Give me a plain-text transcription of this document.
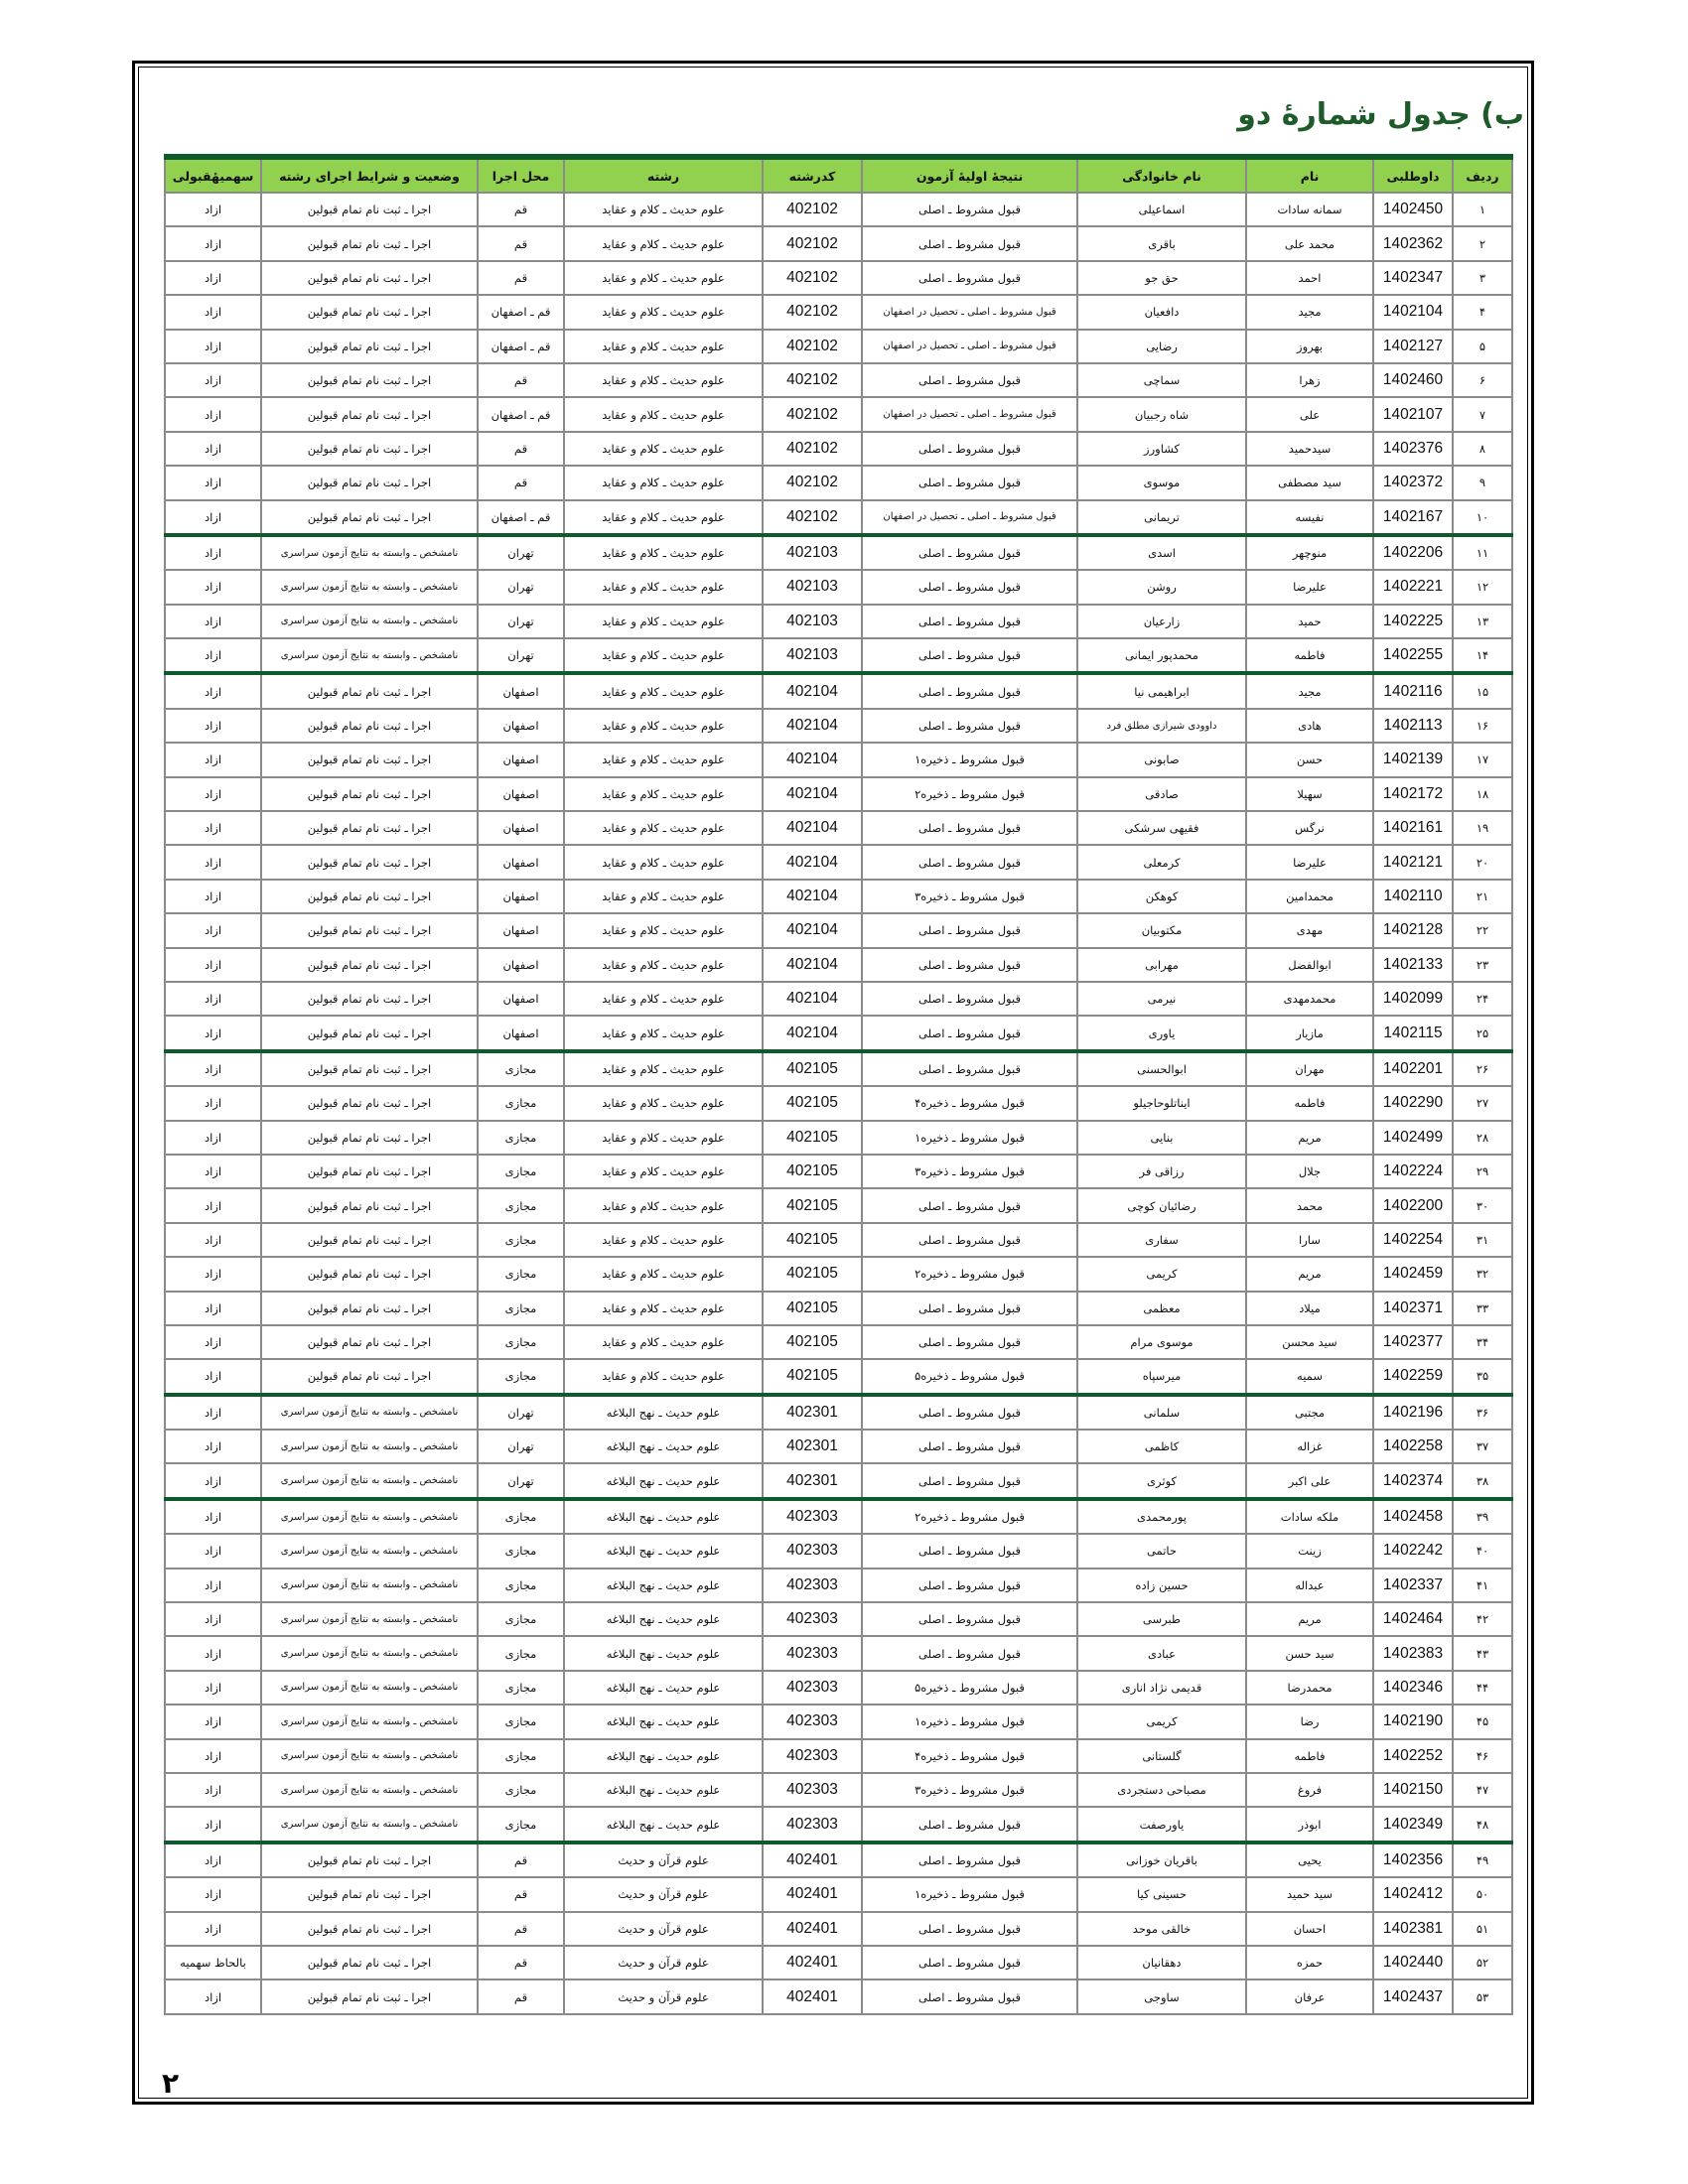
ب) جدول شمارهٔ دو
ردیف	داوطلبی	نام	نام خانوادگی	نتیجهٔ اولیهٔ آزمون	کدرشته	رشته	محل اجرا	وضعیت و شرایط اجرای رشته	سهمیهٔقبولی
۱	1402450	سمانه سادات	اسماعیلی	قبول مشروط ـ اصلی	402102	علوم حدیث ـ کلام و عقاید	قم	اجرا ـ ثبت نام تمام قبولین	ازاد
۲	1402362	محمد علی	باقری	قبول مشروط ـ اصلی	402102	علوم حدیث ـ کلام و عقاید	قم	اجرا ـ ثبت نام تمام قبولین	ازاد
۳	1402347	احمد	حق جو	قبول مشروط ـ اصلی	402102	علوم حدیث ـ کلام و عقاید	قم	اجرا ـ ثبت نام تمام قبولین	ازاد
۴	1402104	مجید	دافعیان	قبول مشروط ـ اصلی ـ تحصیل در اصفهان	402102	علوم حدیث ـ کلام و عقاید	قم ـ اصفهان	اجرا ـ ثبت نام تمام قبولین	ازاد
۵	1402127	بهروز	رضایی	قبول مشروط ـ اصلی ـ تحصیل در اصفهان	402102	علوم حدیث ـ کلام و عقاید	قم ـ اصفهان	اجرا ـ ثبت نام تمام قبولین	ازاد
۶	1402460	زهرا	سماچی	قبول مشروط ـ اصلی	402102	علوم حدیث ـ کلام و عقاید	قم	اجرا ـ ثبت نام تمام قبولین	ازاد
۷	1402107	علی	شاه رجبیان	قبول مشروط ـ اصلی ـ تحصیل در اصفهان	402102	علوم حدیث ـ کلام و عقاید	قم ـ اصفهان	اجرا ـ ثبت نام تمام قبولین	ازاد
۸	1402376	سیدحمید	کشاورز	قبول مشروط ـ اصلی	402102	علوم حدیث ـ کلام و عقاید	قم	اجرا ـ ثبت نام تمام قبولین	ازاد
۹	1402372	سید مصطفی	موسوی	قبول مشروط ـ اصلی	402102	علوم حدیث ـ کلام و عقاید	قم	اجرا ـ ثبت نام تمام قبولین	ازاد
۱۰	1402167	نفیسه	تریمانی	قبول مشروط ـ اصلی ـ تحصیل در اصفهان	402102	علوم حدیث ـ کلام و عقاید	قم ـ اصفهان	اجرا ـ ثبت نام تمام قبولین	ازاد
۱۱	1402206	منوچهر	اسدی	قبول مشروط ـ اصلی	402103	علوم حدیث ـ کلام و عقاید	تهران	نامشخص ـ وابسته به نتایج آزمون سراسری	ازاد
۱۲	1402221	علیرضا	روشن	قبول مشروط ـ اصلی	402103	علوم حدیث ـ کلام و عقاید	تهران	نامشخص ـ وابسته به نتایج آزمون سراسری	ازاد
۱۳	1402225	حمید	زارعیان	قبول مشروط ـ اصلی	402103	علوم حدیث ـ کلام و عقاید	تهران	نامشخص ـ وابسته به نتایج آزمون سراسری	ازاد
۱۴	1402255	فاطمه	محمدپور ایمانی	قبول مشروط ـ اصلی	402103	علوم حدیث ـ کلام و عقاید	تهران	نامشخص ـ وابسته به نتایج آزمون سراسری	ازاد
۱۵	1402116	مجید	ابراهیمی نیا	قبول مشروط ـ اصلی	402104	علوم حدیث ـ کلام و عقاید	اصفهان	اجرا ـ ثبت نام تمام قبولین	ازاد
۱۶	1402113	هادی	داوودی شیرازی مطلق فرد	قبول مشروط ـ اصلی	402104	علوم حدیث ـ کلام و عقاید	اصفهان	اجرا ـ ثبت نام تمام قبولین	ازاد
۱۷	1402139	حسن	صابونی	قبول مشروط ـ ذخیره۱	402104	علوم حدیث ـ کلام و عقاید	اصفهان	اجرا ـ ثبت نام تمام قبولین	ازاد
۱۸	1402172	سهیلا	صادقی	قبول مشروط ـ ذخیره۲	402104	علوم حدیث ـ کلام و عقاید	اصفهان	اجرا ـ ثبت نام تمام قبولین	ازاد
۱۹	1402161	نرگس	فقیهی سرشکی	قبول مشروط ـ اصلی	402104	علوم حدیث ـ کلام و عقاید	اصفهان	اجرا ـ ثبت نام تمام قبولین	ازاد
۲۰	1402121	علیرضا	کرمعلی	قبول مشروط ـ اصلی	402104	علوم حدیث ـ کلام و عقاید	اصفهان	اجرا ـ ثبت نام تمام قبولین	ازاد
۲۱	1402110	محمدامین	کوهکن	قبول مشروط ـ ذخیره۳	402104	علوم حدیث ـ کلام و عقاید	اصفهان	اجرا ـ ثبت نام تمام قبولین	ازاد
۲۲	1402128	مهدی	مکتوبیان	قبول مشروط ـ اصلی	402104	علوم حدیث ـ کلام و عقاید	اصفهان	اجرا ـ ثبت نام تمام قبولین	ازاد
۲۳	1402133	ابوالفضل	مهرابی	قبول مشروط ـ اصلی	402104	علوم حدیث ـ کلام و عقاید	اصفهان	اجرا ـ ثبت نام تمام قبولین	ازاد
۲۴	1402099	محمدمهدی	نیرمی	قبول مشروط ـ اصلی	402104	علوم حدیث ـ کلام و عقاید	اصفهان	اجرا ـ ثبت نام تمام قبولین	ازاد
۲۵	1402115	مازیار	یاوری	قبول مشروط ـ اصلی	402104	علوم حدیث ـ کلام و عقاید	اصفهان	اجرا ـ ثبت نام تمام قبولین	ازاد
۲۶	1402201	مهران	ابوالحسنی	قبول مشروط ـ اصلی	402105	علوم حدیث ـ کلام و عقاید	مجازی	اجرا ـ ثبت نام تمام قبولین	ازاد
۲۷	1402290	فاطمه	ایناتلوحاجیلو	قبول مشروط ـ ذخیره۴	402105	علوم حدیث ـ کلام و عقاید	مجازی	اجرا ـ ثبت نام تمام قبولین	ازاد
۲۸	1402499	مریم	بنایی	قبول مشروط ـ ذخیره۱	402105	علوم حدیث ـ کلام و عقاید	مجازی	اجرا ـ ثبت نام تمام قبولین	ازاد
۲۹	1402224	جلال	رزاقی فر	قبول مشروط ـ ذخیره۳	402105	علوم حدیث ـ کلام و عقاید	مجازی	اجرا ـ ثبت نام تمام قبولین	ازاد
۳۰	1402200	محمد	رضائیان کوچی	قبول مشروط ـ اصلی	402105	علوم حدیث ـ کلام و عقاید	مجازی	اجرا ـ ثبت نام تمام قبولین	ازاد
۳۱	1402254	سارا	سفاری	قبول مشروط ـ اصلی	402105	علوم حدیث ـ کلام و عقاید	مجازی	اجرا ـ ثبت نام تمام قبولین	ازاد
۳۲	1402459	مریم	کریمی	قبول مشروط ـ ذخیره۲	402105	علوم حدیث ـ کلام و عقاید	مجازی	اجرا ـ ثبت نام تمام قبولین	ازاد
۳۳	1402371	میلاد	معظمی	قبول مشروط ـ اصلی	402105	علوم حدیث ـ کلام و عقاید	مجازی	اجرا ـ ثبت نام تمام قبولین	ازاد
۳۴	1402377	سید محسن	موسوی مرام	قبول مشروط ـ اصلی	402105	علوم حدیث ـ کلام و عقاید	مجازی	اجرا ـ ثبت نام تمام قبولین	ازاد
۳۵	1402259	سمیه	میرسپاه	قبول مشروط ـ ذخیره۵	402105	علوم حدیث ـ کلام و عقاید	مجازی	اجرا ـ ثبت نام تمام قبولین	ازاد
۳۶	1402196	مجتبی	سلمانی	قبول مشروط ـ اصلی	402301	علوم حدیث ـ نهج البلاغه	تهران	نامشخص ـ وابسته به نتایج آزمون سراسری	ازاد
۳۷	1402258	غزاله	کاظمی	قبول مشروط ـ اصلی	402301	علوم حدیث ـ نهج البلاغه	تهران	نامشخص ـ وابسته به نتایج آزمون سراسری	ازاد
۳۸	1402374	علی اکبر	کوثری	قبول مشروط ـ اصلی	402301	علوم حدیث ـ نهج البلاغه	تهران	نامشخص ـ وابسته به نتایج آزمون سراسری	ازاد
۳۹	1402458	ملکه سادات	پورمحمدی	قبول مشروط ـ ذخیره۲	402303	علوم حدیث ـ نهج البلاغه	مجازی	نامشخص ـ وابسته به نتایج آزمون سراسری	ازاد
۴۰	1402242	زینت	حاتمی	قبول مشروط ـ اصلی	402303	علوم حدیث ـ نهج البلاغه	مجازی	نامشخص ـ وابسته به نتایج آزمون سراسری	ازاد
۴۱	1402337	عبداله	حسین زاده	قبول مشروط ـ اصلی	402303	علوم حدیث ـ نهج البلاغه	مجازی	نامشخص ـ وابسته به نتایج آزمون سراسری	ازاد
۴۲	1402464	مریم	طبرسی	قبول مشروط ـ اصلی	402303	علوم حدیث ـ نهج البلاغه	مجازی	نامشخص ـ وابسته به نتایج آزمون سراسری	ازاد
۴۳	1402383	سید حسن	عبادی	قبول مشروط ـ اصلی	402303	علوم حدیث ـ نهج البلاغه	مجازی	نامشخص ـ وابسته به نتایج آزمون سراسری	ازاد
۴۴	1402346	محمدرضا	قدیمی نژاد اناری	قبول مشروط ـ ذخیره۵	402303	علوم حدیث ـ نهج البلاغه	مجازی	نامشخص ـ وابسته به نتایج آزمون سراسری	ازاد
۴۵	1402190	رضا	کریمی	قبول مشروط ـ ذخیره۱	402303	علوم حدیث ـ نهج البلاغه	مجازی	نامشخص ـ وابسته به نتایج آزمون سراسری	ازاد
۴۶	1402252	فاطمه	گلستانی	قبول مشروط ـ ذخیره۴	402303	علوم حدیث ـ نهج البلاغه	مجازی	نامشخص ـ وابسته به نتایج آزمون سراسری	ازاد
۴۷	1402150	فروغ	مصباحی دستجردی	قبول مشروط ـ ذخیره۳	402303	علوم حدیث ـ نهج البلاغه	مجازی	نامشخص ـ وابسته به نتایج آزمون سراسری	ازاد
۴۸	1402349	ابوذر	یاورصفت	قبول مشروط ـ اصلی	402303	علوم حدیث ـ نهج البلاغه	مجازی	نامشخص ـ وابسته به نتایج آزمون سراسری	ازاد
۴۹	1402356	یحیی	باقریان خوزانی	قبول مشروط ـ اصلی	402401	علوم قرآن و حدیث	قم	اجرا ـ ثبت نام تمام قبولین	ازاد
۵۰	1402412	سید حمید	حسینی کیا	قبول مشروط ـ ذخیره۱	402401	علوم قرآن و حدیث	قم	اجرا ـ ثبت نام تمام قبولین	ازاد
۵۱	1402381	احسان	خالقی موحد	قبول مشروط ـ اصلی	402401	علوم قرآن و حدیث	قم	اجرا ـ ثبت نام تمام قبولین	ازاد
۵۲	1402440	حمزه	دهقانیان	قبول مشروط ـ اصلی	402401	علوم قرآن و حدیث	قم	اجرا ـ ثبت نام تمام قبولین	بالحاظ سهمیه
۵۳	1402437	عرفان	ساوجی	قبول مشروط ـ اصلی	402401	علوم قرآن و حدیث	قم	اجرا ـ ثبت نام تمام قبولین	ازاد
۲
